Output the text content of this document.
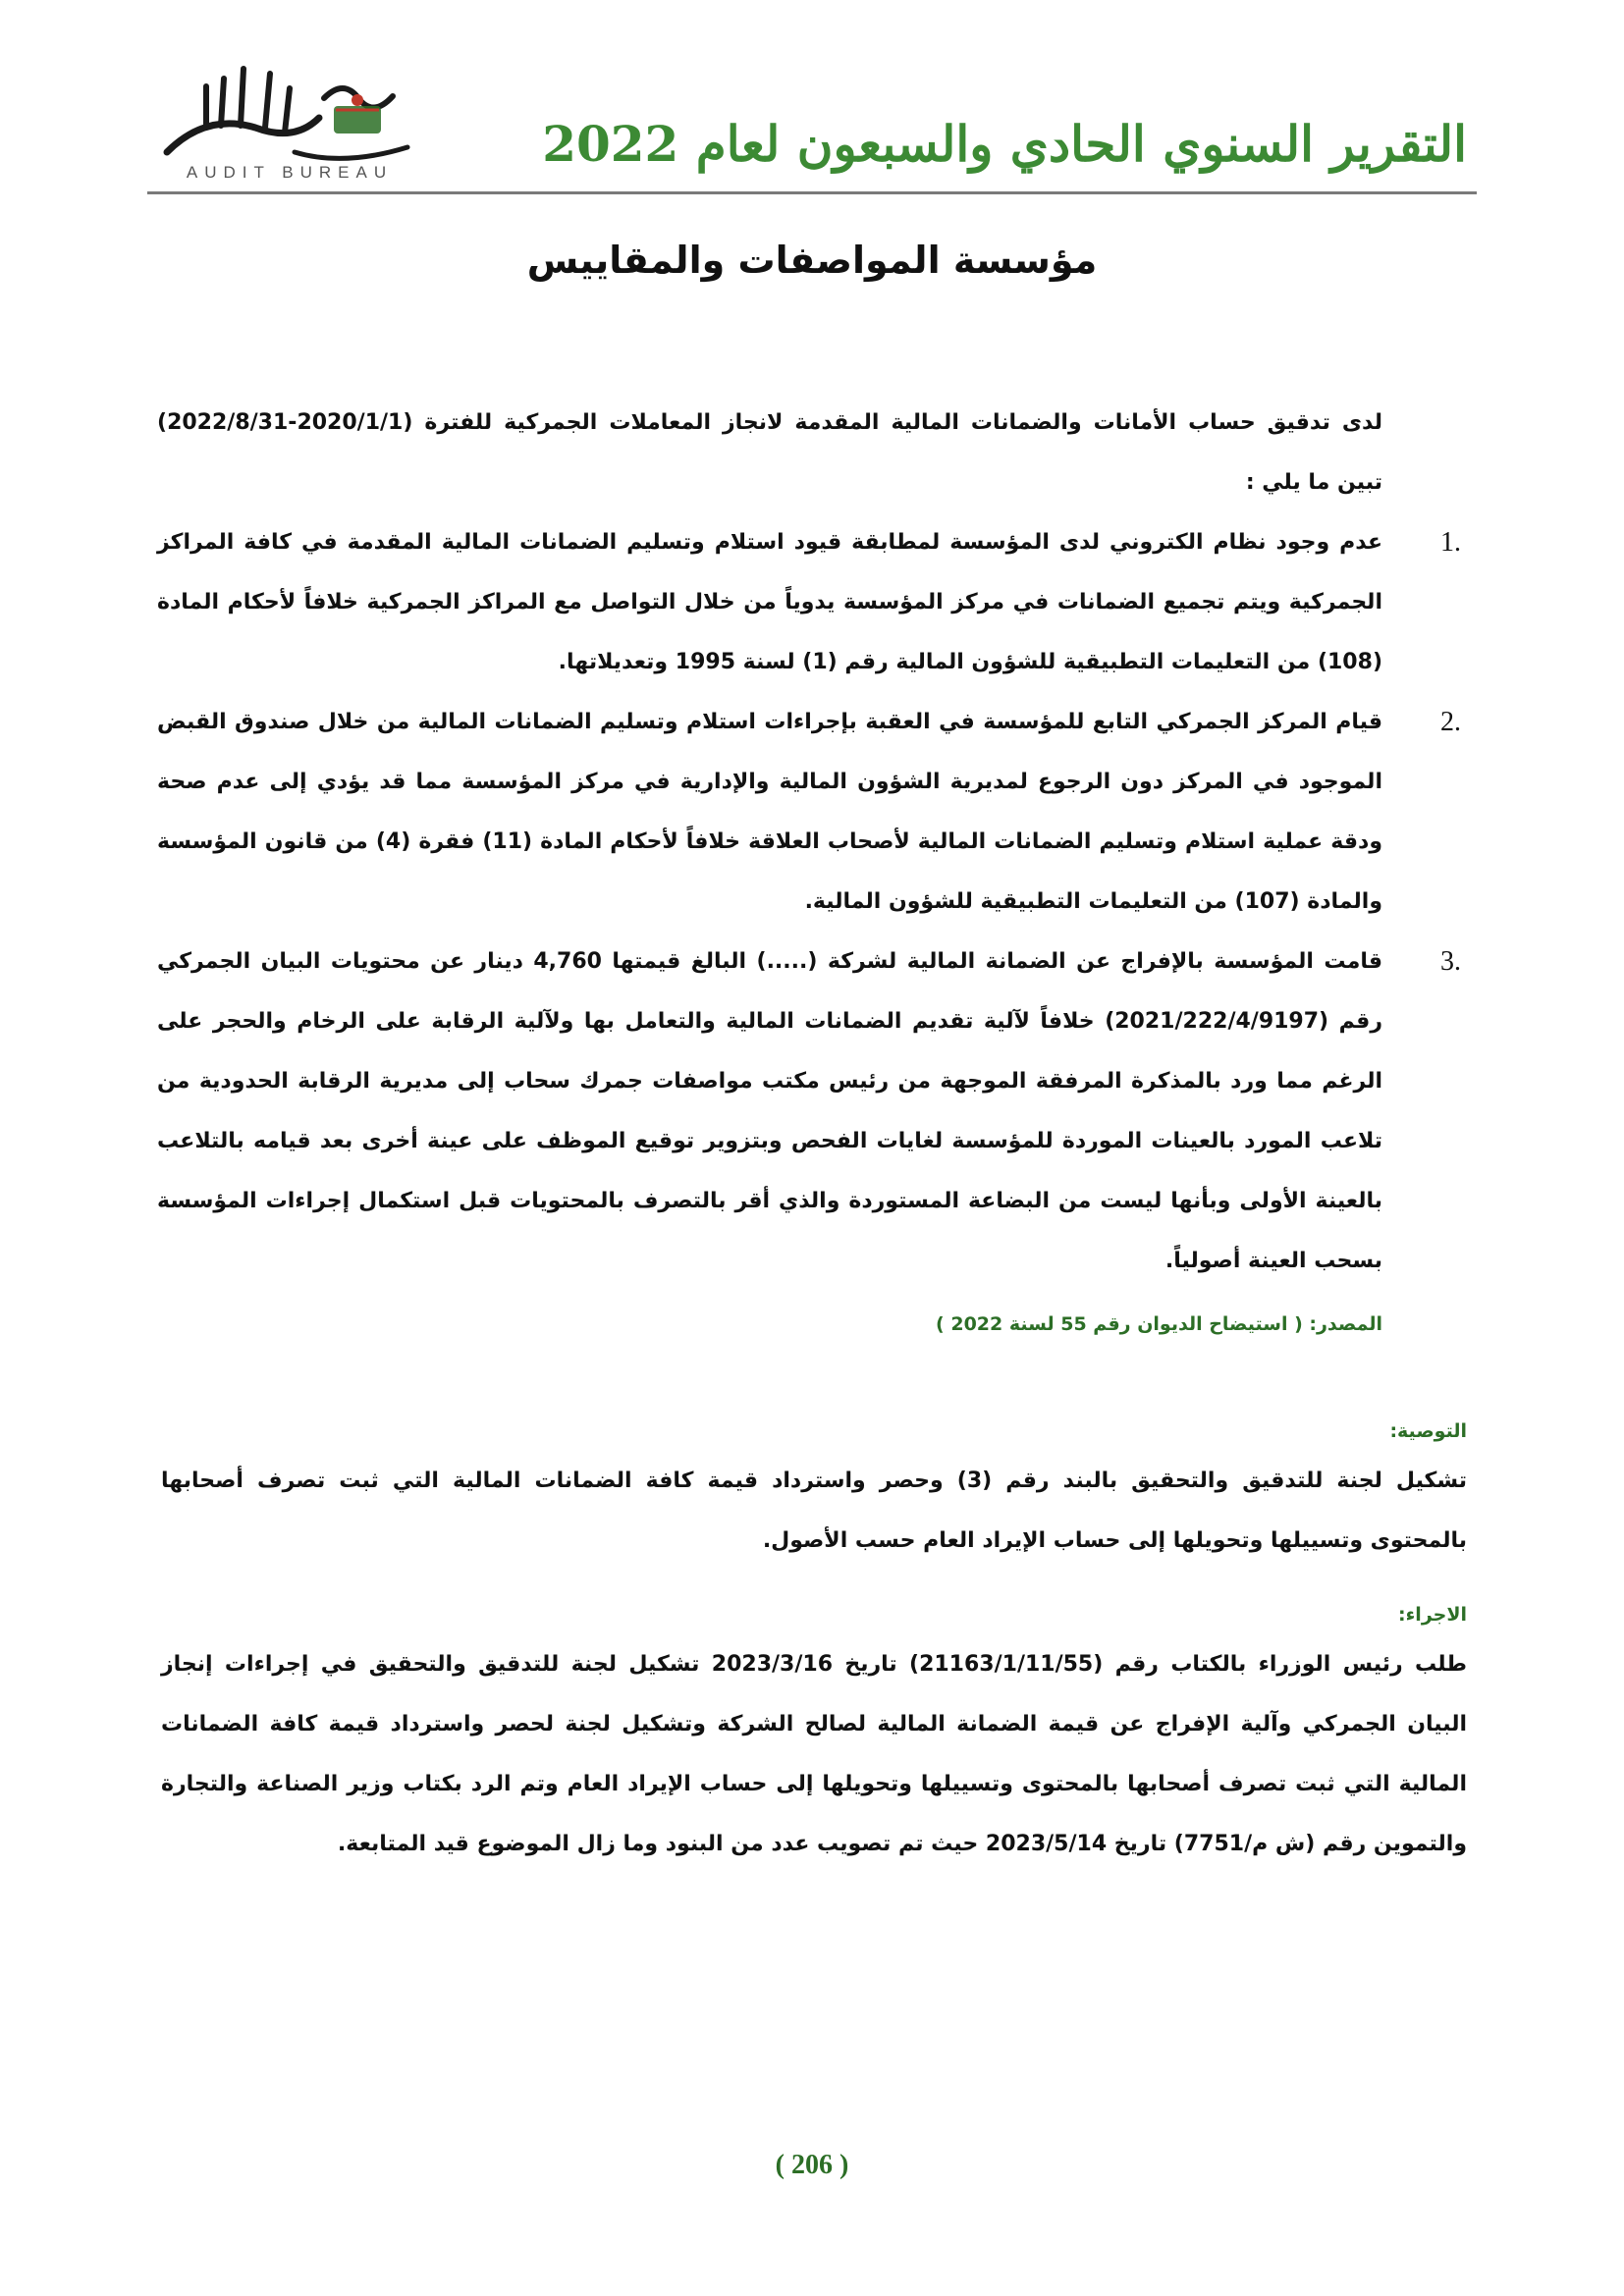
التقرير السنوي الحادي والسبعون لعام 2022
AUDIT BUREAU
مؤسسة المواصفات والمقاييس

لدى تدقيق حساب الأمانات والضمانات المالية المقدمة لانجاز المعاملات الجمركية للفترة (2020/1/1-2022/8/31) تبين ما يلي :

1.
عدم وجود نظام الكتروني لدى المؤسسة لمطابقة قيود استلام وتسليم الضمانات المالية المقدمة في كافة المراكز الجمركية ويتم تجميع الضمانات في مركز المؤسسة يدوياً من خلال التواصل مع المراكز الجمركية خلافاً لأحكام المادة (108) من التعليمات التطبيقية للشؤون المالية رقم (1) لسنة 1995 وتعديلاتها.
2.
قيام المركز الجمركي التابع للمؤسسة في العقبة بإجراءات استلام وتسليم الضمانات المالية من خلال صندوق القبض الموجود في المركز دون الرجوع لمديرية الشؤون المالية والإدارية في مركز المؤسسة مما قد يؤدي إلى عدم صحة ودقة عملية استلام وتسليم الضمانات المالية لأصحاب العلاقة خلافاً لأحكام المادة (11) فقرة (4) من قانون المؤسسة والمادة (107) من التعليمات التطبيقية للشؤون المالية.
3.
قامت المؤسسة بالإفراج عن الضمانة المالية لشركة (.....) البالغ قيمتها 4,760 دينار عن محتويات البيان الجمركي رقم (2021/222/4/9197) خلافاً لآلية تقديم الضمانات المالية والتعامل بها ولآلية الرقابة على الرخام والحجر على الرغم مما ورد بالمذكرة المرفقة الموجهة من رئيس مكتب مواصفات جمرك سحاب إلى مديرية الرقابة الحدودية من تلاعب المورد بالعينات الموردة للمؤسسة لغايات الفحص وبتزوير توقيع الموظف على عينة أخرى بعد قيامه بالتلاعب بالعينة الأولى وبأنها ليست من البضاعة المستوردة والذي أقر بالتصرف بالمحتويات قبل استكمال إجراءات المؤسسة بسحب العينة أصولياً.
المصدر: ( استيضاح الديوان رقم 55 لسنة 2022 )
التوصية:
تشكيل لجنة للتدقيق والتحقيق بالبند رقم (3) وحصر واسترداد قيمة كافة الضمانات المالية التي ثبت تصرف أصحابها بالمحتوى وتسييلها وتحويلها إلى حساب الإيراد العام حسب الأصول.
الاجراء:
طلب رئيس الوزراء بالكتاب رقم (21163/1/11/55) تاريخ 2023/3/16 تشكيل لجنة للتدقيق والتحقيق في إجراءات إنجاز البيان الجمركي وآلية الإفراج عن قيمة الضمانة المالية لصالح الشركة وتشكيل لجنة لحصر واسترداد قيمة كافة الضمانات المالية التي ثبت تصرف أصحابها بالمحتوى وتسييلها وتحويلها إلى حساب الإيراد العام وتم الرد بكتاب وزير الصناعة والتجارة والتموين رقم (ش م/7751) تاريخ 2023/5/14 حيث تم تصويب عدد من البنود وما زال الموضوع قيد المتابعة.
( 206 )
